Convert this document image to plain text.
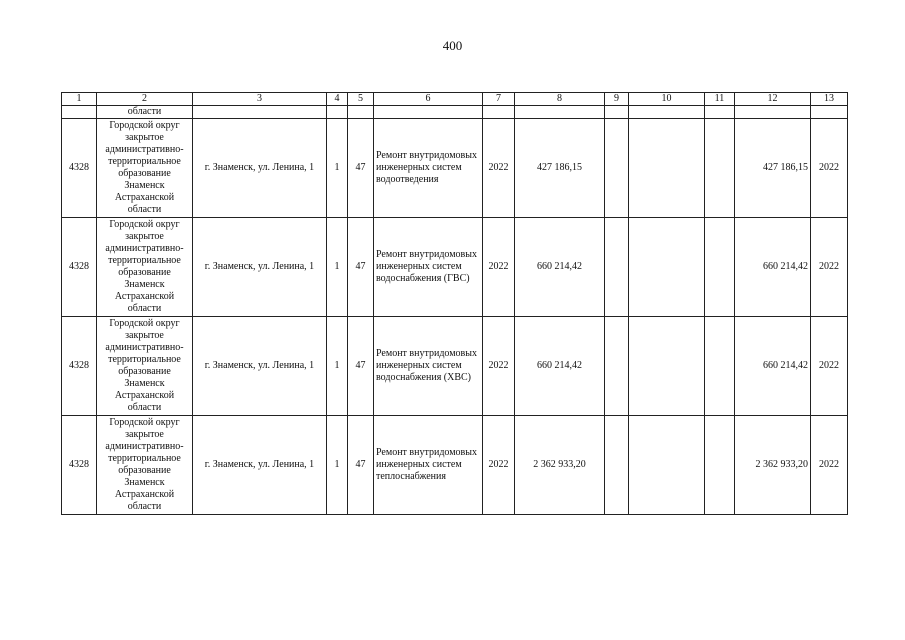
400
1	2	3	4	5	6	7	8	9	10	11	12	13
	области											
4328	Городской округ закрытое административно-территориальное образование Знаменск Астраханской области	г. Знаменск, ул. Ленина, 1	1	47	Ремонт внутридомовых инженерных систем водоотведения	2022	427 186,15				427 186,15	2022
4328	Городской округ закрытое административно-территориальное образование Знаменск Астраханской области	г. Знаменск, ул. Ленина, 1	1	47	Ремонт внутридомовых инженерных систем водоснабжения (ГВС)	2022	660 214,42				660 214,42	2022
4328	Городской округ закрытое административно-территориальное образование Знаменск Астраханской области	г. Знаменск, ул. Ленина, 1	1	47	Ремонт внутридомовых инженерных систем водоснабжения (ХВС)	2022	660 214,42				660 214,42	2022
4328	Городской округ закрытое административно-территориальное образование Знаменск Астраханской области	г. Знаменск, ул. Ленина, 1	1	47	Ремонт внутридомовых инженерных систем теплоснабжения	2022	2 362 933,20				2 362 933,20	2022
